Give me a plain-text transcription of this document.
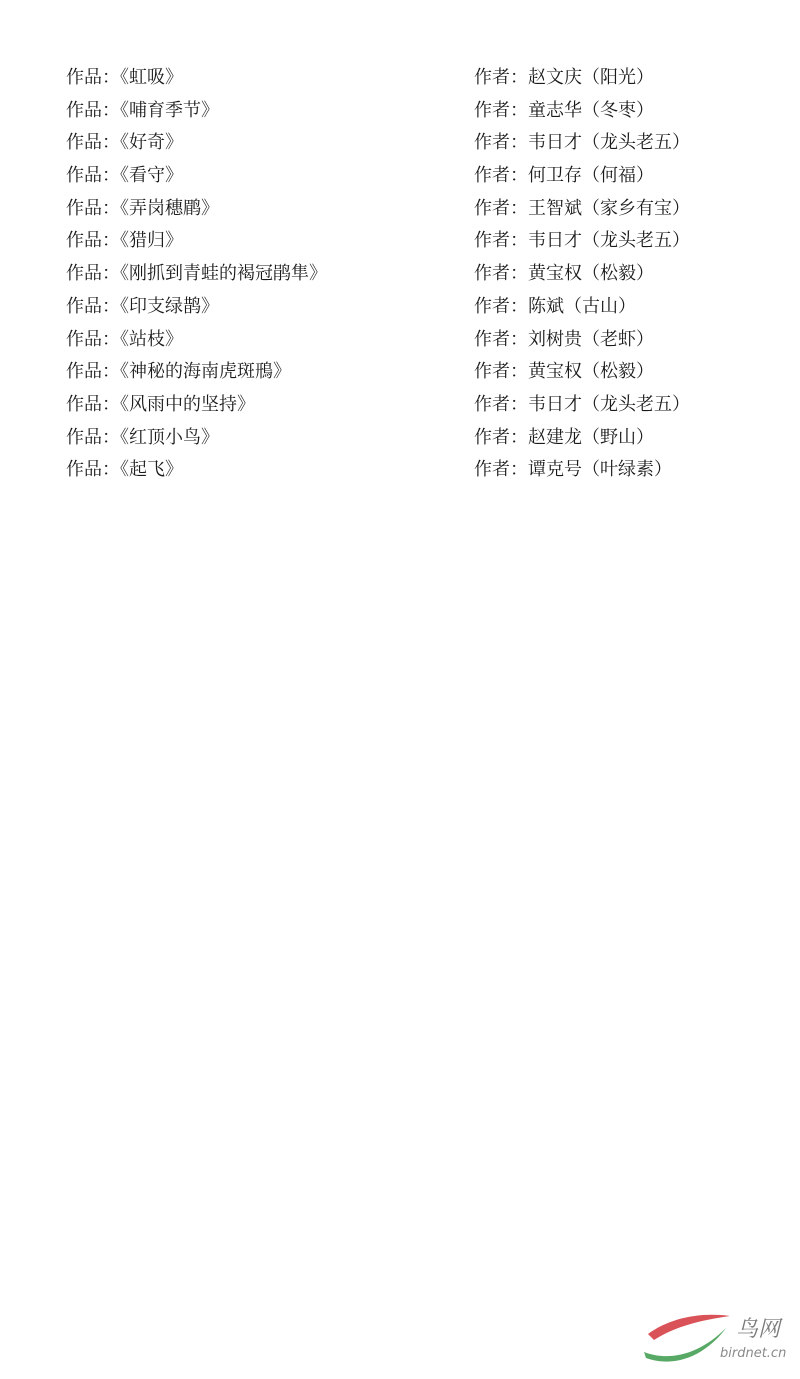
作品：《虹吸》	作者：赵文庆（阳光）
作品：《哺育季节》	作者：童志华（冬枣）
作品：《好奇》	作者：韦日才（龙头老五）
作品：《看守》	作者：何卫存（何福）
作品：《弄岗穗鹛》	作者：王智斌（家乡有宝）
作品：《猎归》	作者：韦日才（龙头老五）
作品：《刚抓到青蛙的褐冠鹃隼》	作者：黄宝权（松毅）
作品：《印支绿鹊》	作者：陈斌（古山）
作品：《站枝》	作者：刘树贵（老虾）
作品：《神秘的海南虎斑鳽》	作者：黄宝权（松毅）
作品：《风雨中的坚持》	作者：韦日才（龙头老五）
作品：《红顶小鸟》	作者：赵建龙（野山）
作品：《起飞》	作者：谭克号（叶绿素）
鸟网
birdnet.cn
